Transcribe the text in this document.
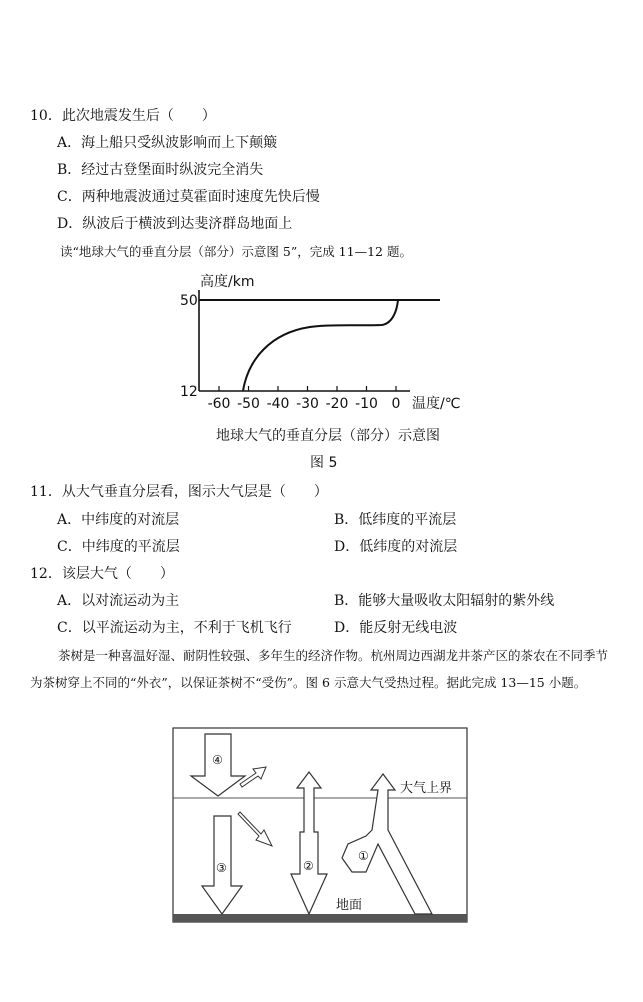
10．此次地震发生后（　　）
A．海上船只受纵波影响而上下颠簸
B．经过古登堡面时纵波完全消失
C．两种地震波通过莫霍面时速度先快后慢
D．纵波后于横波到达斐济群岛地面上
读“地球大气的垂直分层（部分）示意图 5”，完成 11—12 题。
高度/km
50
12
-60 -50 -40 -30 -20 -10 0 温度/℃
地球大气的垂直分层（部分）示意图
图 5
11．从大气垂直分层看，图示大气层是（　　）
A．中纬度的对流层	B．低纬度的平流层
C．中纬度的平流层	D．低纬度的对流层
12．该层大气（　　）
A．以对流运动为主	B．能够大量吸收太阳辐射的紫外线
C．以平流运动为主，不利于飞机飞行	D．能反射无线电波
茶树是一种喜温好湿、耐阴性较强、多年生的经济作物。杭州周边西湖龙井茶产区的茶农在不同季节为茶树穿上不同的“外衣”，以保证茶树不“受伤”。图 6 示意大气受热过程。据此完成 13—15 小题。
④
③	②
①
大气上界
地面
